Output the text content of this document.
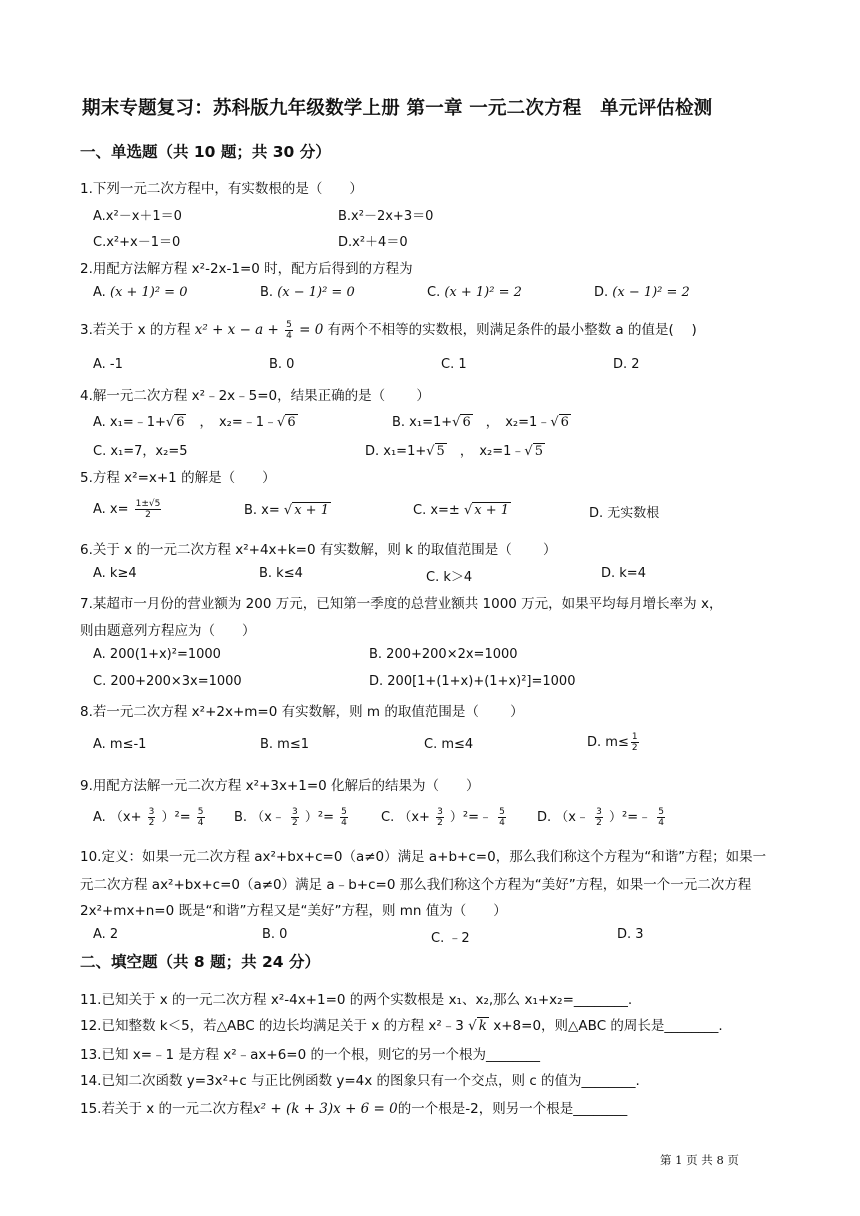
期末专题复习：苏科版九年级数学上册 第一章 一元二次方程　单元评估检测
一、单选题（共 10 题；共 30 分）
1.下列一元二次方程中，有实数根的是（　　）
A.x²－x＋1＝0	B.x²－2x+3＝0
C.x²+x－1＝0	D.x²＋4＝0
2.用配方法解方程 x²-2x-1=0 时，配方后得到的方程为
A. (x + 1)² = 0	B. (x − 1)² = 0	C. (x + 1)² = 2	D. (x − 1)² = 2
3.若关于 x 的方程 $x^2 + x - a + \frac{5}{4} = 0$ 有两个不相等的实数根，则满足条件的最小整数 a 的值是(　 )
A. -1	B. 0	C. 1	D. 2
4.解一元二次方程 x²﹣2x﹣5=0，结果正确的是（　　 ）
A. x₁=﹣1+√ 6　，　x₂=﹣1﹣√ 6	B. x₁=1+√ 6　，　x₂=1﹣√ 6
C. x₁=7，x₂=5	D. x₁=1+√ 5　，　x₂=1﹣√ 5
5.方程 x²=x+1 的解是（　　）
A. $x= \frac{1\pm√5}{2}$	B. x= √ x + 1	C. x=± √ x + 1	D. 无实数根
6.关于 x 的一元二次方程 x²+4x+k=0 有实数解，则 k 的取值范围是（　　 ）
A. k≥4	B. k≤4	C. k＞4	D. k=4
7.某超市一月份的营业额为 200 万元，已知第一季度的总营业额共 1000 万元，如果平均每月增长率为 x，
则由题意列方程应为（　　）
A. 200(1+x)²=1000	B. 200+200×2x=1000
C. 200+200×3x=1000	D. 200[1+(1+x)+(1+x)²]=1000
8.若一元二次方程 x²+2x+m=0 有实数解，则 m 的取值范围是（　　 ）
A. m≤-1	B. m≤1	C. m≤4	D. $m\le \frac{1}{2}$
9.用配方法解一元二次方程 x²+3x+1=0 化解后的结果为（　　）
A. $(x+ \frac{3}{2} )^2= \frac{5}{4} B$. （x﹣ $\frac{3}{2} )^2= \frac{5}{4}$	C. （$x+ \frac{3}{2}$ ）²=﹣ $\frac{5}{4} D$. （x﹣ $\frac{3}{2}$ ）²=﹣ $\frac{5}{4}$
10.定义：如果一元二次方程 ax²+bx+c=0（a≠0）满足 a+b+c=0，那么我们称这个方程为“和谐”方程；如果一
元二次方程 ax²+bx+c=0（a≠0）满足 a﹣b+c=0 那么我们称这个方程为“美好”方程，如果一个一元二次方程
2x²+mx+n=0 既是“和谐”方程又是“美好”方程，则 mn 值为（　　）
A. 2	B. 0	C. ﹣2	D. 3
二、填空题（共 8 题；共 24 分）
11.已知关于 x 的一元二次方程 x²-4x+1=0 的两个实数根是 x₁、x₂,那么 x₁+x₂=________.
12.已知整数 k＜5，若△ABC 的边长均满足关于 x 的方程 x²﹣3 √ k x+8=0，则△ABC 的周长是________.
13.已知 x=﹣1 是方程 x²﹣ax+6=0 的一个根，则它的另一个根为________
14.已知二次函数 y=3x²+c 与正比例函数 y=4x 的图象只有一个交点，则 c 的值为________.
15.若关于 x 的一元二次方程x² + (k + 3)x + 6 = 0的一个根是-2，则另一个根是________
第 1 页 共 8 页
